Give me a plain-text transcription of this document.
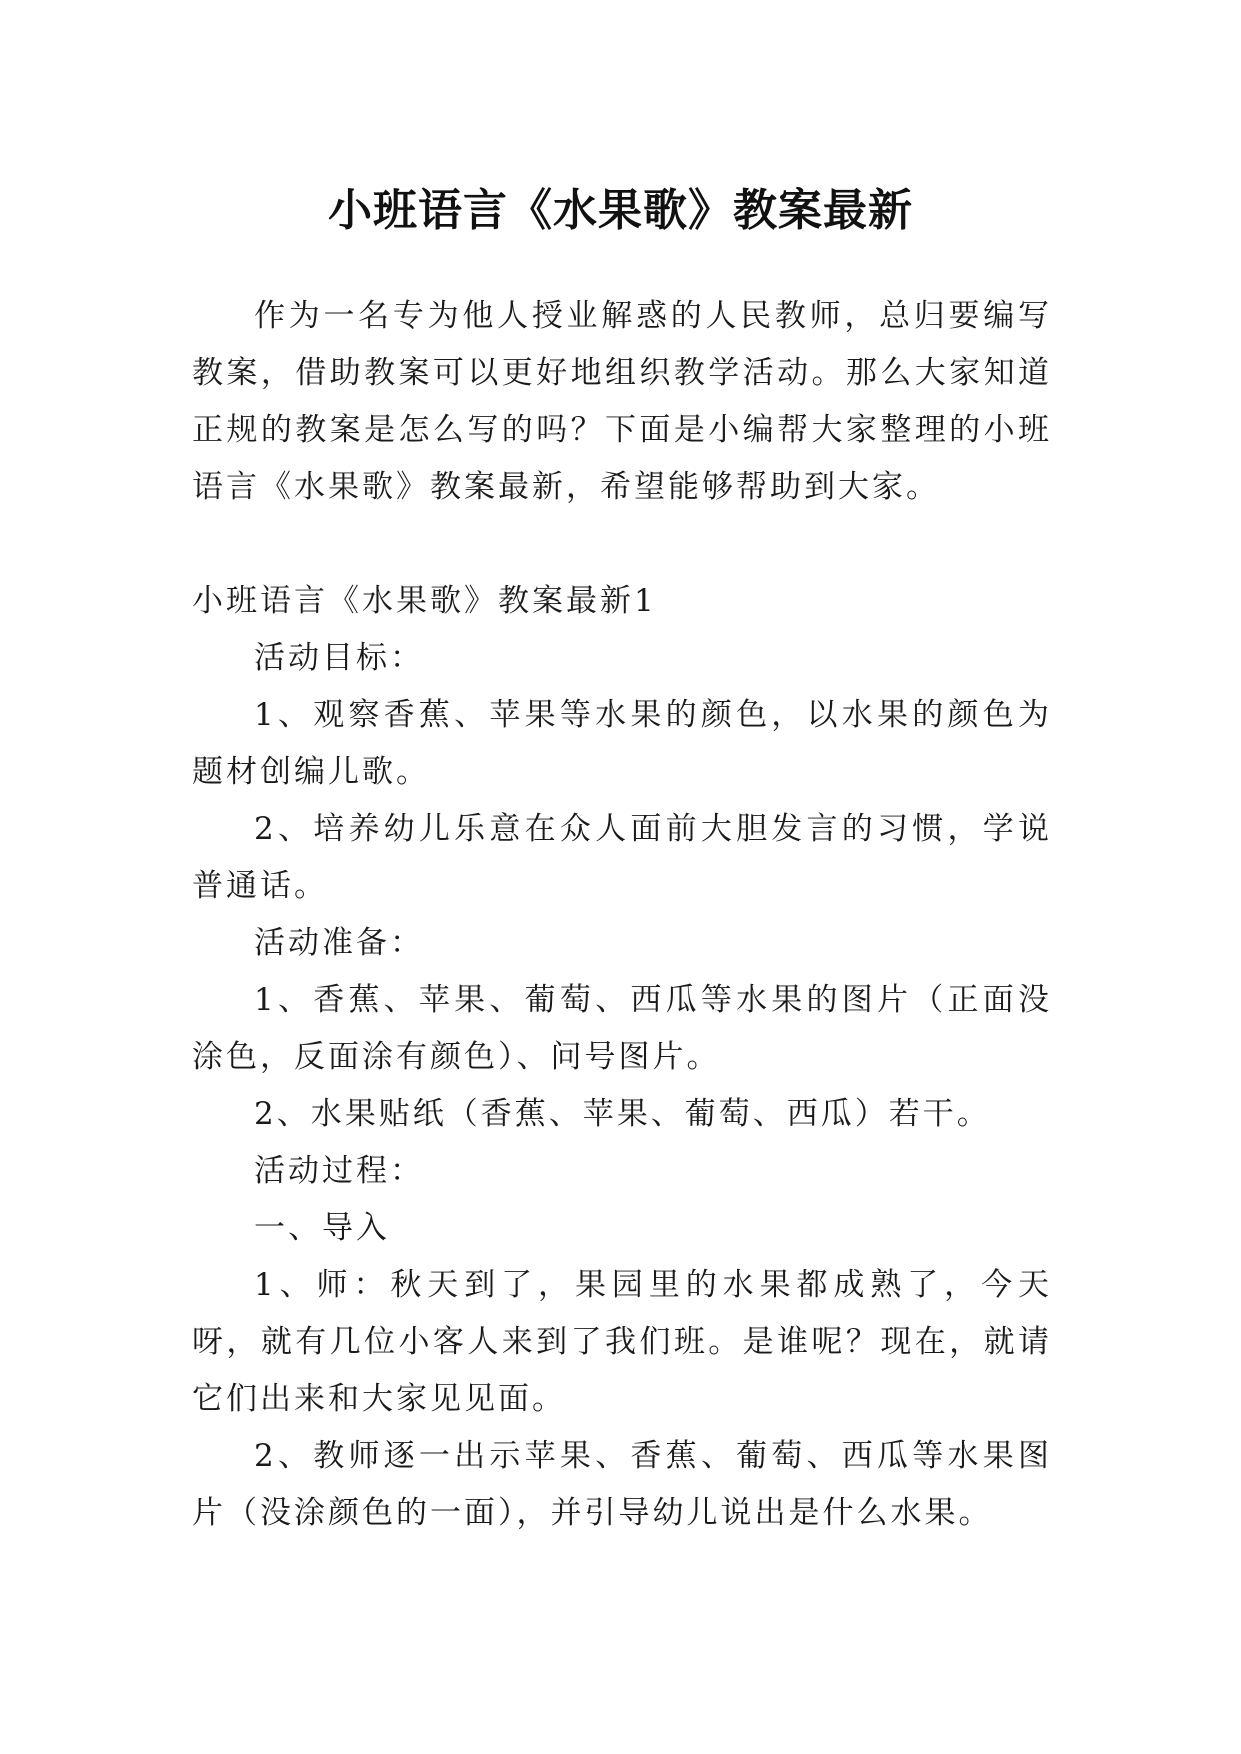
小班语言《水果歌》教案最新

作为一名专为他人授业解惑的人民教师，总归要编写教案，借助教案可以更好地组织教学活动。那么大家知道正规的教案是怎么写的吗？下面是小编帮大家整理的小班语言《水果歌》教案最新，希望能够帮助到大家。

小班语言《水果歌》教案最新1

活动目标：

1、观察香蕉、苹果等水果的颜色，以水果的颜色为题材创编儿歌。

2、培养幼儿乐意在众人面前大胆发言的习惯，学说普通话。

活动准备：

1、香蕉、苹果、葡萄、西瓜等水果的图片（正面没涂色，反面涂有颜色）、问号图片。

2、水果贴纸（香蕉、苹果、葡萄、西瓜）若干。

活动过程：

一、导入

1、师：秋天到了，果园里的水果都成熟了，今天呀，就有几位小客人来到了我们班。是谁呢？现在，就请它们出来和大家见见面。

2、教师逐一出示苹果、香蕉、葡萄、西瓜等水果图片（没涂颜色的一面），并引导幼儿说出是什么水果。
